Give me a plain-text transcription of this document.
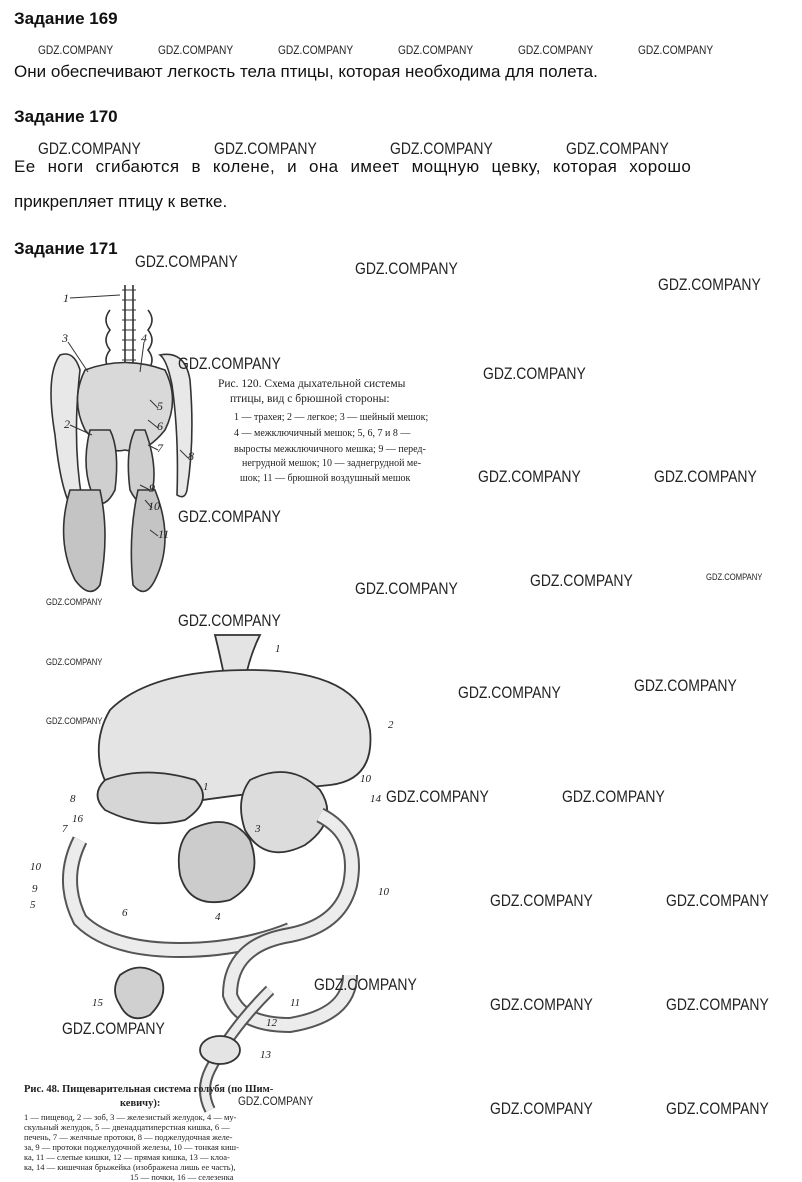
Задание 169

Они обеспечивают легкость тела птицы, которая необходима для полета.

Задание 170

Ее ноги сгибаются в колене, и она имеет мощную цевку, которая хорошо

прикрепляет птицу к ветке.

Задание 171
1
3	4
2
5
6
7
8
9
10
11
Рис. 120. Схема дыхательной системы
птицы, вид с брюшной стороны:
1 — трахея; 2 — легкое; 3 — шейный мешок;
4 — межключичный мешок; 5, 6, 7 и 8 —
выросты межключичного мешка; 9 — перед-
негрудной мешок; 10 — заднегрудной ме-
шок; 11 — брюшной воздушный мешок
1
2
1
10
14
8
16
7	3
10
9
5
6	4
10
11
12
13
15
Рис. 48. Пищеварительная система голубя (по Шим-
кевичу):
1 — пищевод, 2 — зоб, 3 — железистый желудок, 4 — му-
скульный желудок, 5 — двенадцатиперстная кишка, 6 —
печень, 7 — желчные протоки, 8 — поджелудочная желе-
за, 9 — протоки поджелудочной железы, 10 — тонкая киш-
ка, 11 — слепые кишки, 12 — прямая кишка, 13 — клоа-
ка, 14 — кишечная брыжейка (изображена лишь ее часть),
15 — почки, 16 — селезенка
GDZ.COMPANY	GDZ.COMPANY	GDZ.COMPANY	GDZ.COMPANY	GDZ.COMPANY	GDZ.COMPANY
GDZ.COMPANY	GDZ.COMPANY	GDZ.COMPANY	GDZ.COMPANY
GDZ.COMPANY	GDZ.COMPANY
GDZ.COMPANY
GDZ.COMPANY
GDZ.COMPANY
GDZ.COMPANY	GDZ.COMPANY
GDZ.COMPANY
GDZ.COMPANY	GDZ.COMPANY	GDZ.COMPANY
GDZ.COMPANY
GDZ.COMPANY
GDZ.COMPANY
GDZ.COMPANY	GDZ.COMPANY
GDZ.COMPANY
GDZ.COMPANY	GDZ.COMPANY
GDZ.COMPANY	GDZ.COMPANY
GDZ.COMPANY
GDZ.COMPANY	GDZ.COMPANY
GDZ.COMPANY
GDZ.COMPANY	GDZ.COMPANY	GDZ.COMPANY
